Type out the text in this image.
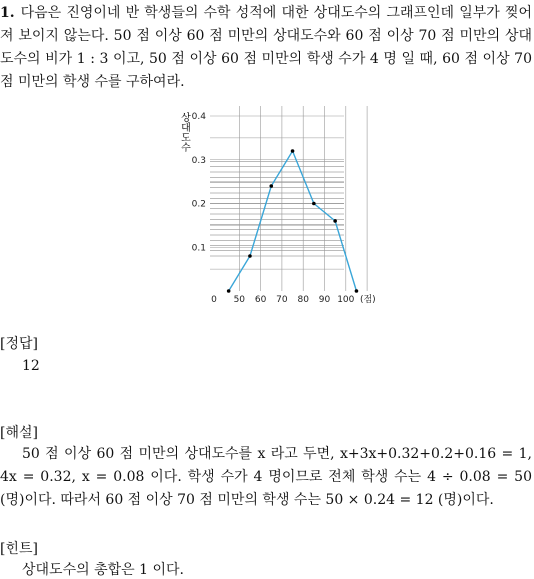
1. 다음은 진영이네 반 학생들의 수학 성적에 대한 상대도수의 그래프인데 일부가 찢어져 보이지 않는다. 50 점 이상 60 점 미만의 상대도수와 60 점 이상 70 점 미만의 상대도수의 비가 1 : 3 이고, 50 점 이상 60 점 미만의 학생 수가 4 명 일 때, 60 점 이상 70 점 미만의 학생 수를 구하여라.
0.1
0.2
0.3
0.4
0 50 60 70 80 90 100 (점)
상대도수
[정답]
12
[해설]
50 점 이상 60 점 미만의 상대도수를 x 라고 두면, x+3x+0.32+0.2+0.16 = 1, 4x = 0.32, x = 0.08 이다. 학생 수가 4 명이므로 전체 학생 수는 4 ÷ 0.08 = 50 (명)이다. 따라서 60 점 이상 70 점 미만의 학생 수는 50 × 0.24 = 12 (명)이다.
[힌트]
상대도수의 총합은 1 이다.
